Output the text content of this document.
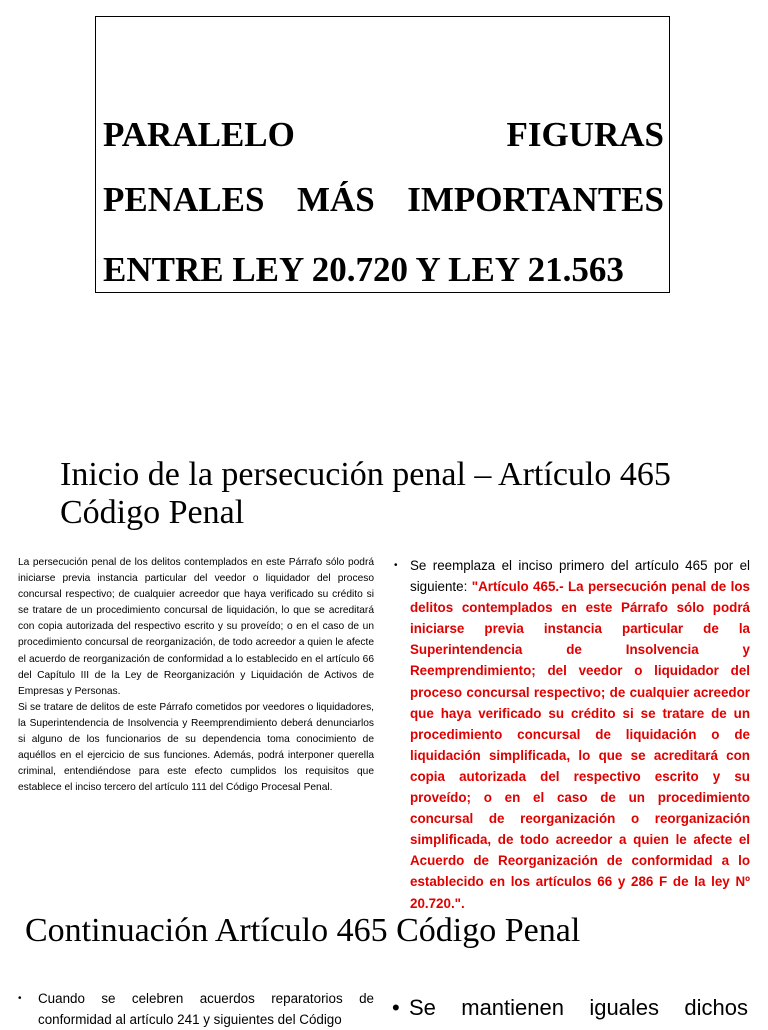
PARALELO	FIGURAS
PENALES MÁS IMPORTANTES
ENTRE LEY 20.720 Y LEY 21.563
Inicio de la persecución penal – Artículo 465
Código Penal

La persecución penal de los delitos contemplados en este Párrafo sólo podrá iniciarse previa instancia particular del veedor o liquidador del proceso concursal respectivo; de cualquier acreedor que haya verificado su crédito si se tratare de un procedimiento concursal de liquidación, lo que se acreditará con copia autorizada del respectivo escrito y su proveído; o en el caso de un procedimiento concursal de reorganización, de todo acreedor a quien le afecte el acuerdo de reorganización de conformidad a lo establecido en el artículo 66 del Capítulo III de la Ley de Reorganización y Liquidación de Activos de Empresas y Personas.

Si se tratare de delitos de este Párrafo cometidos por veedores o liquidadores, la Superintendencia de Insolvencia y Reemprendimiento deberá denunciarlos si alguno de los funcionarios de su dependencia toma conocimiento de aquéllos en el ejercicio de sus funciones. Además, podrá interponer querella criminal, entendiéndose para este efecto cumplidos los requisitos que establece el inciso tercero del artículo 111 del Código Procesal Penal.

• Se reemplaza el inciso primero del artículo 465 por el siguiente: "Artículo 465.- La persecución penal de los delitos contemplados en este Párrafo sólo podrá iniciarse previa instancia particular de la Superintendencia de Insolvencia y Reemprendimiento; del veedor o liquidador del proceso concursal respectivo; de cualquier acreedor que haya verificado su crédito si se tratare de un procedimiento concursal de liquidación o de liquidación simplificada, lo que se acreditará con copia autorizada del respectivo escrito y su proveído; o en el caso de un procedimiento concursal de reorganización o reorganización simplificada, de todo acreedor a quien le afecte el Acuerdo de Reorganización de conformidad a lo establecido en los artículos 66 y 286 F de la ley Nº 20.720.".
Continuación Artículo 465 Código Penal
•	Cuando se celebren acuerdos reparatorios de conformidad al artículo 241 y siguientes del Código	• Se mantienen iguales dichos
